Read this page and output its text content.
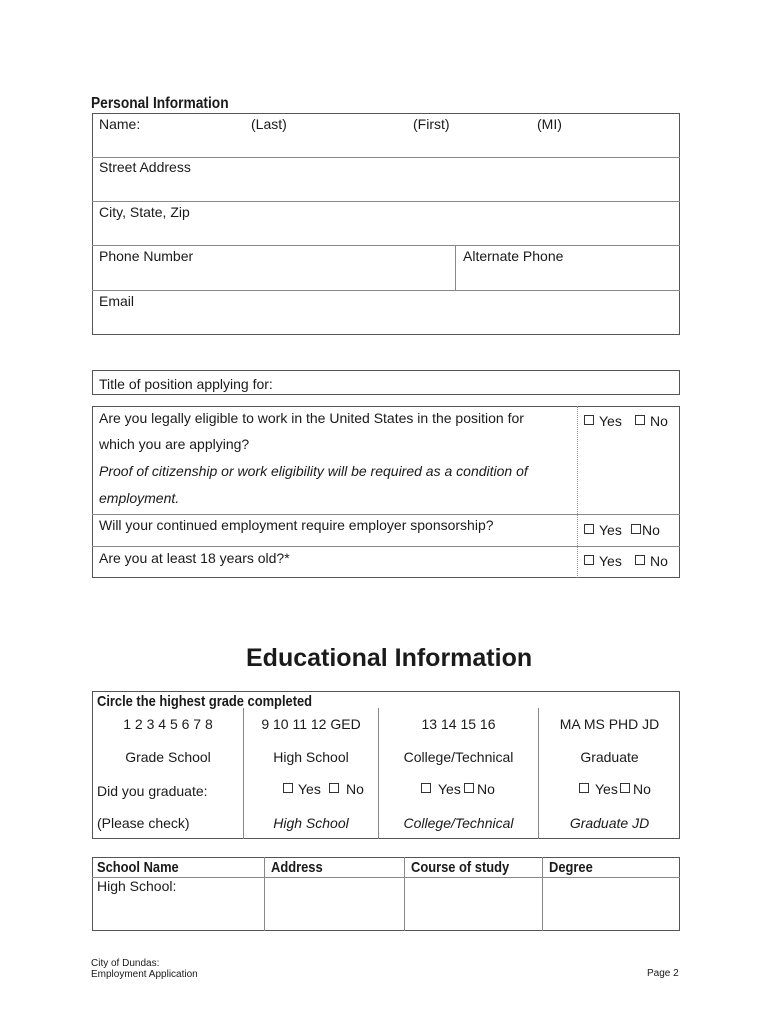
Personal Information
Name:	(Last)	(First)	(MI)
Street Address
City, State, Zip
Phone Number	Alternate Phone
Email
Title of position applying for:
Are you legally eligible to work in the United States in the position for
which you are applying?
Proof of citizenship or work eligibility will be required as a condition of
employment.
Yes	No
Will your continued employment require employer sponsorship?	Yes	No
Are you at least 18 years old?*	Yes	No
Educational Information
Circle the highest grade completed
1 2 3 4 5 6 7 8	9 10 11 12 GED	13 14 15 16	MA MS PHD JD
Grade School	High School	College/Technical	Graduate
Did you graduate:	Yes	No	Yes	No	Yes	No
(Please check)	High School	College/Technical	Graduate JD
School Name	Address	Course of study	Degree
High School:
City of Dundas:
Employment Application	Page 2
